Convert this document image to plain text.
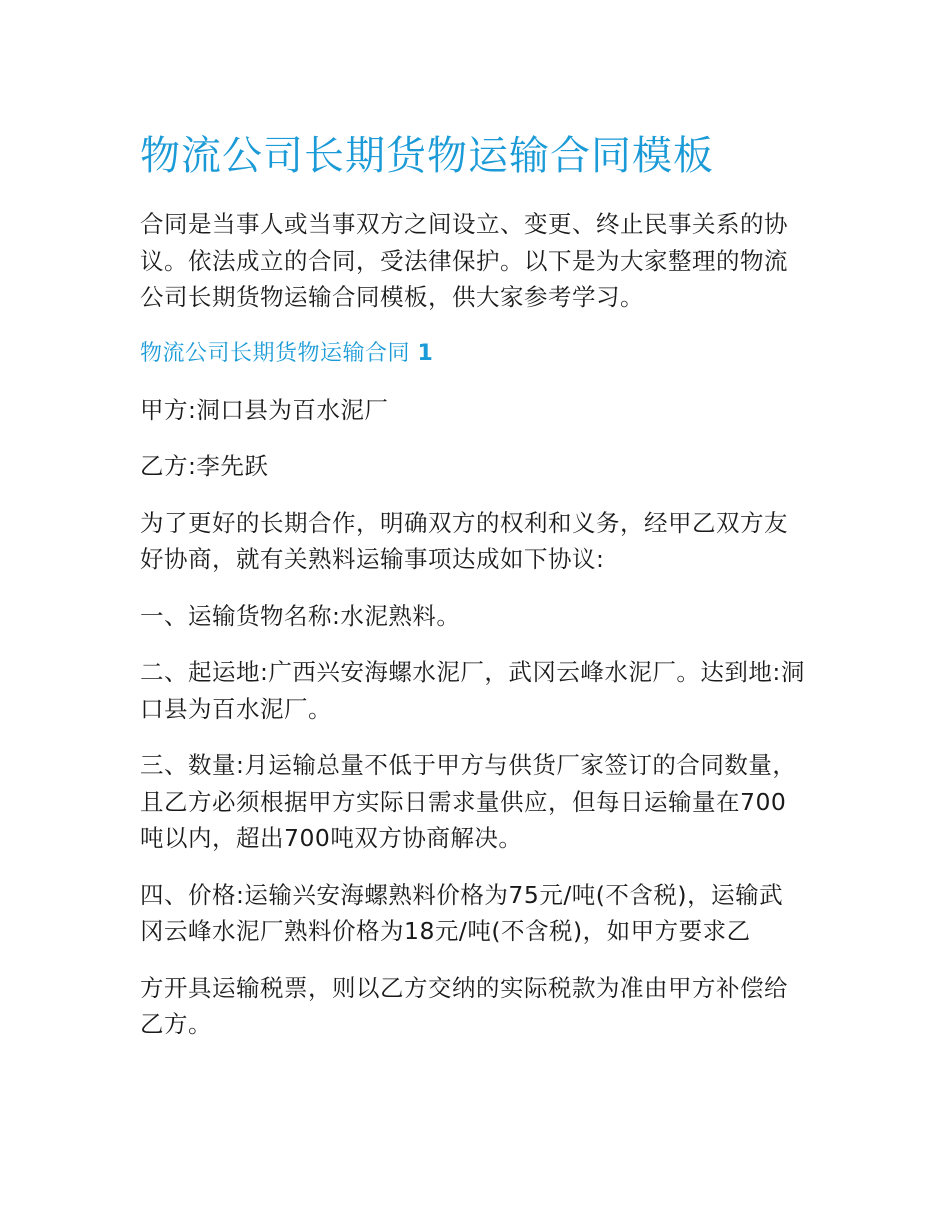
物流公司长期货物运输合同模板

合同是当事人或当事双方之间设立、变更、终止民事关系的协议。依法成立的合同，受法律保护。以下是为大家整理的物流公司长期货物运输合同模板，供大家参考学习。

物流公司长期货物运输合同 1

甲方:洞口县为百水泥厂

乙方:李先跃

为了更好的长期合作，明确双方的权利和义务，经甲乙双方友好协商，就有关熟料运输事项达成如下协议:

一、运输货物名称:水泥熟料。

二、起运地:广西兴安海螺水泥厂，武冈云峰水泥厂。达到地:洞口县为百水泥厂。

三、数量:月运输总量不低于甲方与供货厂家签订的合同数量，且乙方必须根据甲方实际日需求量供应，但每日运输量在700吨以内，超出700吨双方协商解决。

四、价格:运输兴安海螺熟料价格为75元/吨(不含税)，运输武冈云峰水泥厂熟料价格为18元/吨(不含税)，如甲方要求乙

方开具运输税票，则以乙方交纳的实际税款为准由甲方补偿给乙方。
